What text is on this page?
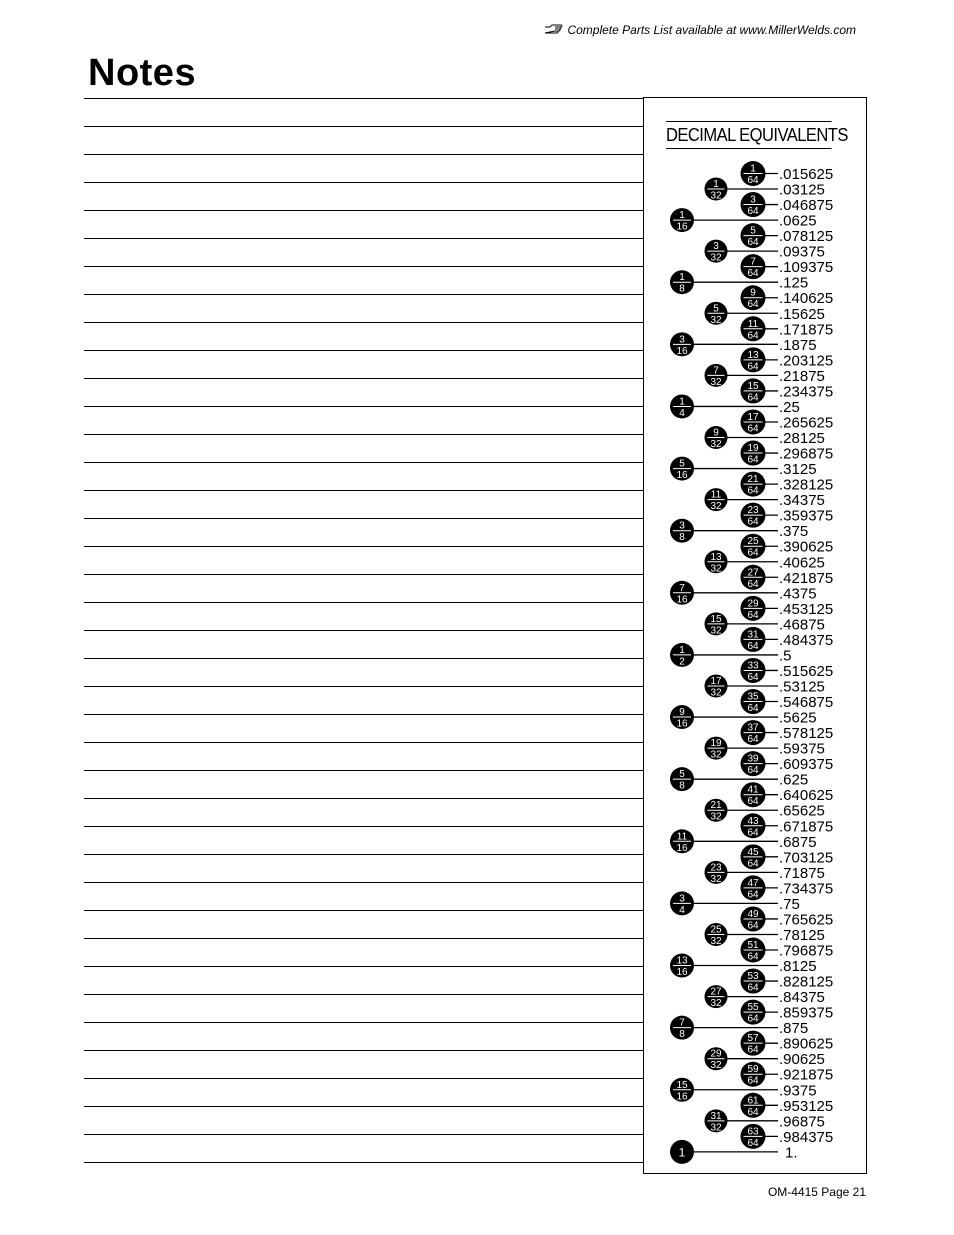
Complete Parts List available at www.MillerWelds.com
Notes
DECIMAL EQUIVALENTS
1
64 .015625
1
32	.03125
3
64 .046875
1
16	.0625
5
64 .078125
3
32	.09375
7
64 .109375
1
8	.125
9
64 .140625
5
32	.15625
11
64 .171875
3
16	.1875
13
64 .203125
7
32	.21875
15
64 .234375
1
4	.25
17
64 .265625
9
32	.28125
19
64 .296875
5
16	.3125
21
64 .328125
11
32	.34375
23
64 .359375
3
8	.375
25
64 .390625
13
32	.40625
27
64 .421875
7
16	.4375
29
64 .453125
15
32	.46875
31
64 .484375
1
2	.5
33
64 .515625
17
32	.53125
35
64 .546875
9
16	.5625
37
64 .578125
19
32	.59375
39
64 .609375
5
8	.625
41
64 .640625
21
32	.65625
43
64 .671875
11
16	.6875
45
64 .703125
23
32	.71875
47
64 .734375
3
4	.75
49
64 .765625
25
32	.78125
51
64 .796875
13
16	.8125
53
64 .828125
27
32	.84375
55
64 .859375
7
8	.875
57
64 .890625
29
32	.90625
59
64 .921875
15
16	.9375
61
64 .953125
31
32	.96875
63
64 .984375
1	1.
OM-4415 Page 21
